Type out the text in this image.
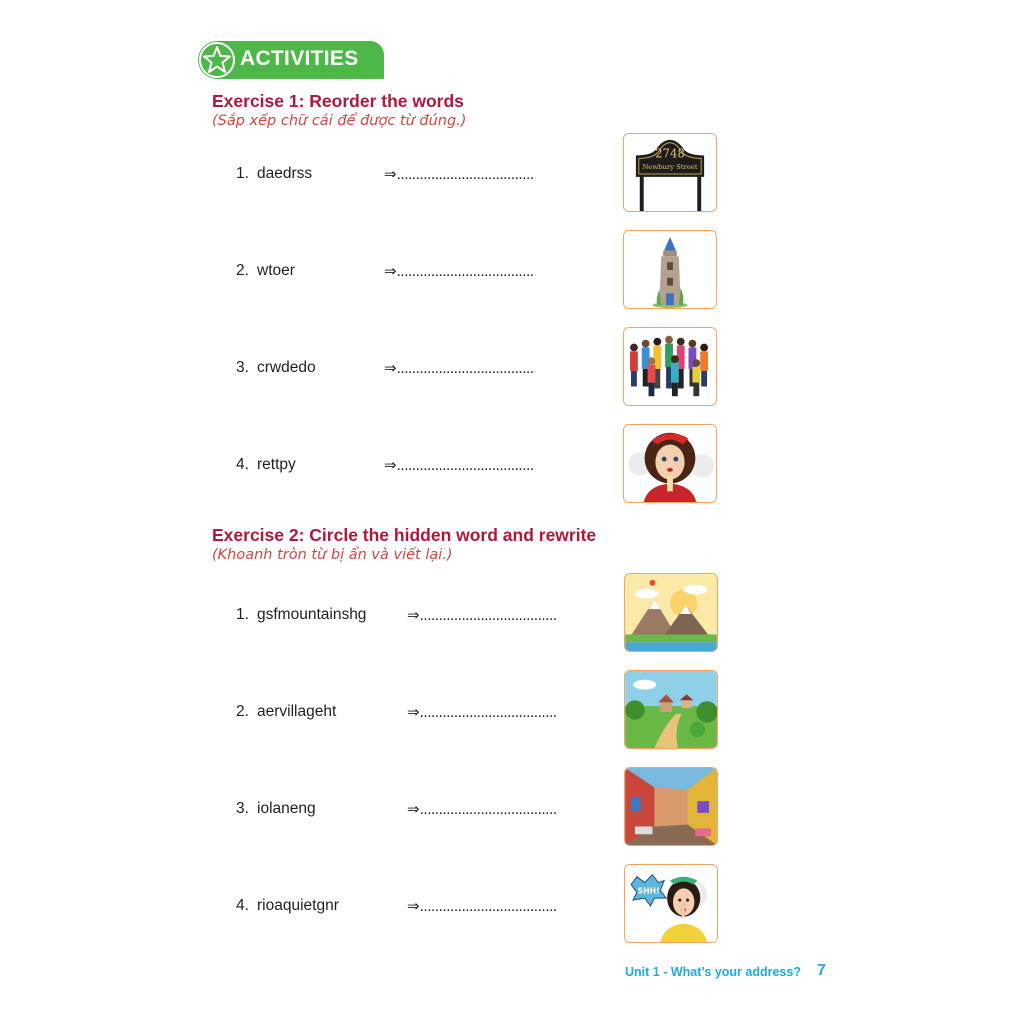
ACTIVITIES
Exercise 1: Reorder the words
(Sắp xếp chữ cái để được từ đúng.)
1. daedrss	⇒....................................
2. wtoer	⇒....................................
3. crwdedo	⇒....................................
4. rettpy	⇒....................................
2748
Newbury Street
Exercise 2: Circle the hidden word and rewrite
(Khoanh tròn từ bị ẩn và viết lại.)
1. gsfmountainshg	⇒....................................
2. aervillageht	⇒....................................
3. iolaneng	⇒....................................
4. rioaquietgnr	⇒....................................
SHH!
Unit 1 - What’s your address? 7
